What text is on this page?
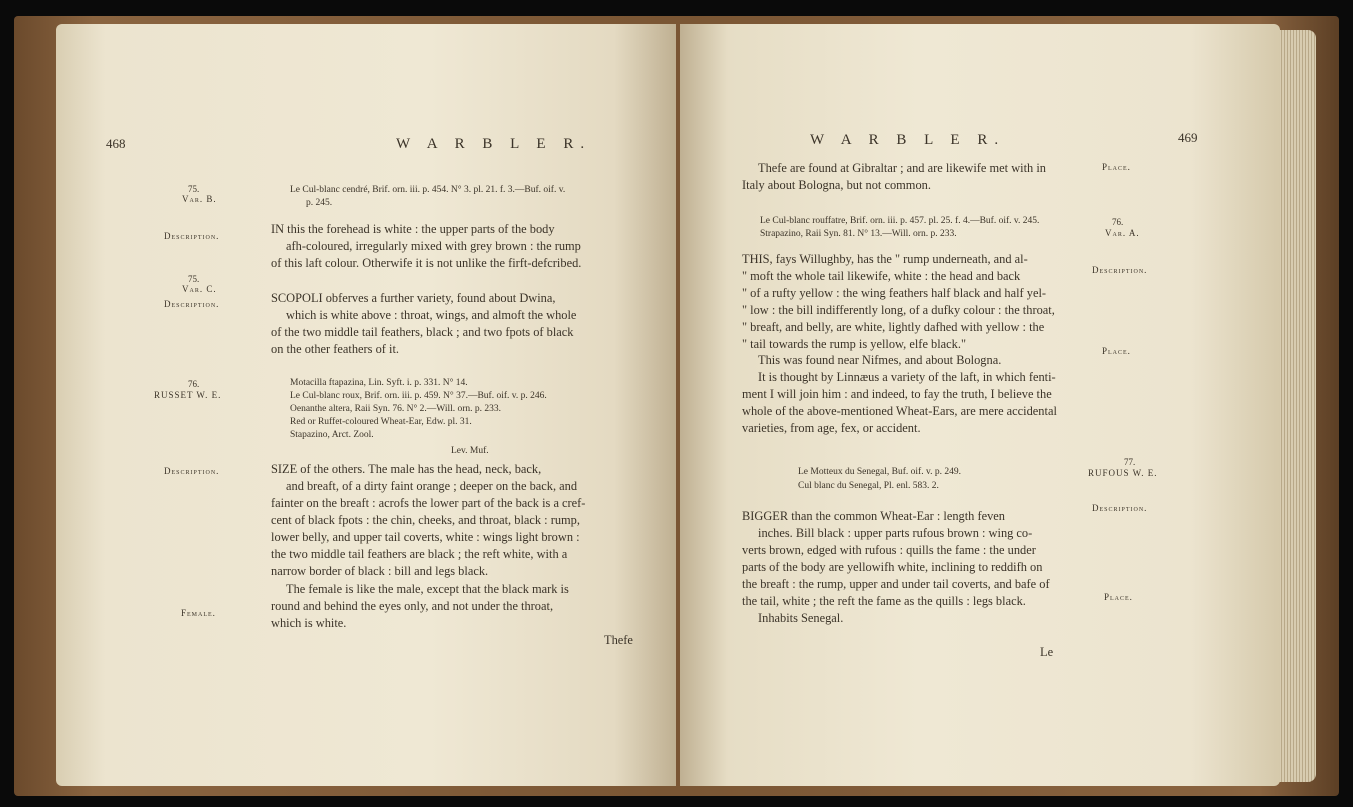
468	W A R B L E R.
75.
Var. B.
Description.
75.
Var. C.
Description.
76.
RUSSET W. E.
Description.
Female.
Le Cul-blanc cendré, Brif. orn. iii. p. 454. N° 3. pl. 21. f. 3.—Buf. oif. v.
p. 245.
IN this the forehead is white : the upper parts of the body
afh-coloured, irregularly mixed with grey brown : the rump
of this laft colour. Otherwife it is not unlike the firft-defcribed.
SCOPOLI obferves a further variety, found about Dwina,
which is white above : throat, wings, and almoft the whole
of the two middle tail feathers, black ; and two fpots of black
on the other feathers of it.
Motacilla ftapazina, Lin. Syft. i. p. 331. N° 14.
Le Cul-blanc roux, Brif. orn. iii. p. 459. N° 37.—Buf. oif. v. p. 246.
Oenanthe altera, Raii Syn. 76. N° 2.—Will. orn. p. 233.
Red or Ruffet-coloured Wheat-Ear, Edw. pl. 31.
Stapazino, Arct. Zool.
Lev. Muf.
SIZE of the others. The male has the head, neck, back,
and breaft, of a dirty faint orange ; deeper on the back, and
fainter on the breaft : acrofs the lower part of the back is a cref-
cent of black fpots : the chin, cheeks, and throat, black : rump,
lower belly, and upper tail coverts, white : wings light brown :
the two middle tail feathers are black ; the reft white, with a
narrow border of black : bill and legs black.
The female is like the male, except that the black mark is
round and behind the eyes only, and not under the throat,
which is white.
Thefe
W A R B L E R.	469
Place.
76.
Var. A.
Description.
Place.
77.
RUFOUS W. E.
Description.
Place.
Thefe are found at Gibraltar ; and are likewife met with in
Italy about Bologna, but not common.
Le Cul-blanc rouffatre, Brif. orn. iii. p. 457. pl. 25. f. 4.—Buf. oif. v. 245.
Strapazino, Raii Syn. 81. N° 13.—Will. orn. p. 233.
THIS, fays Willughby, has the " rump underneath, and al-
" moft the whole tail likewife, white : the head and back
" of a rufty yellow : the wing feathers half black and half yel-
" low : the bill indifferently long, of a dufky colour : the throat,
" breaft, and belly, are white, lightly dafhed with yellow : the
" tail towards the rump is yellow, elfe black."
This was found near Nifmes, and about Bologna.
It is thought by Linnæus a variety of the laft, in which fenti-
ment I will join him : and indeed, to fay the truth, I believe the
whole of the above-mentioned Wheat-Ears, are mere accidental
varieties, from age, fex, or accident.
Le Motteux du Senegal, Buf. oif. v. p. 249.
Cul blanc du Senegal, Pl. enl. 583. 2.
BIGGER than the common Wheat-Ear : length feven
inches. Bill black : upper parts rufous brown : wing co-
verts brown, edged with rufous : quills the fame : the under
parts of the body are yellowifh white, inclining to reddifh on
the breaft : the rump, upper and under tail coverts, and bafe of
the tail, white ; the reft the fame as the quills : legs black.
Inhabits Senegal.
Le
